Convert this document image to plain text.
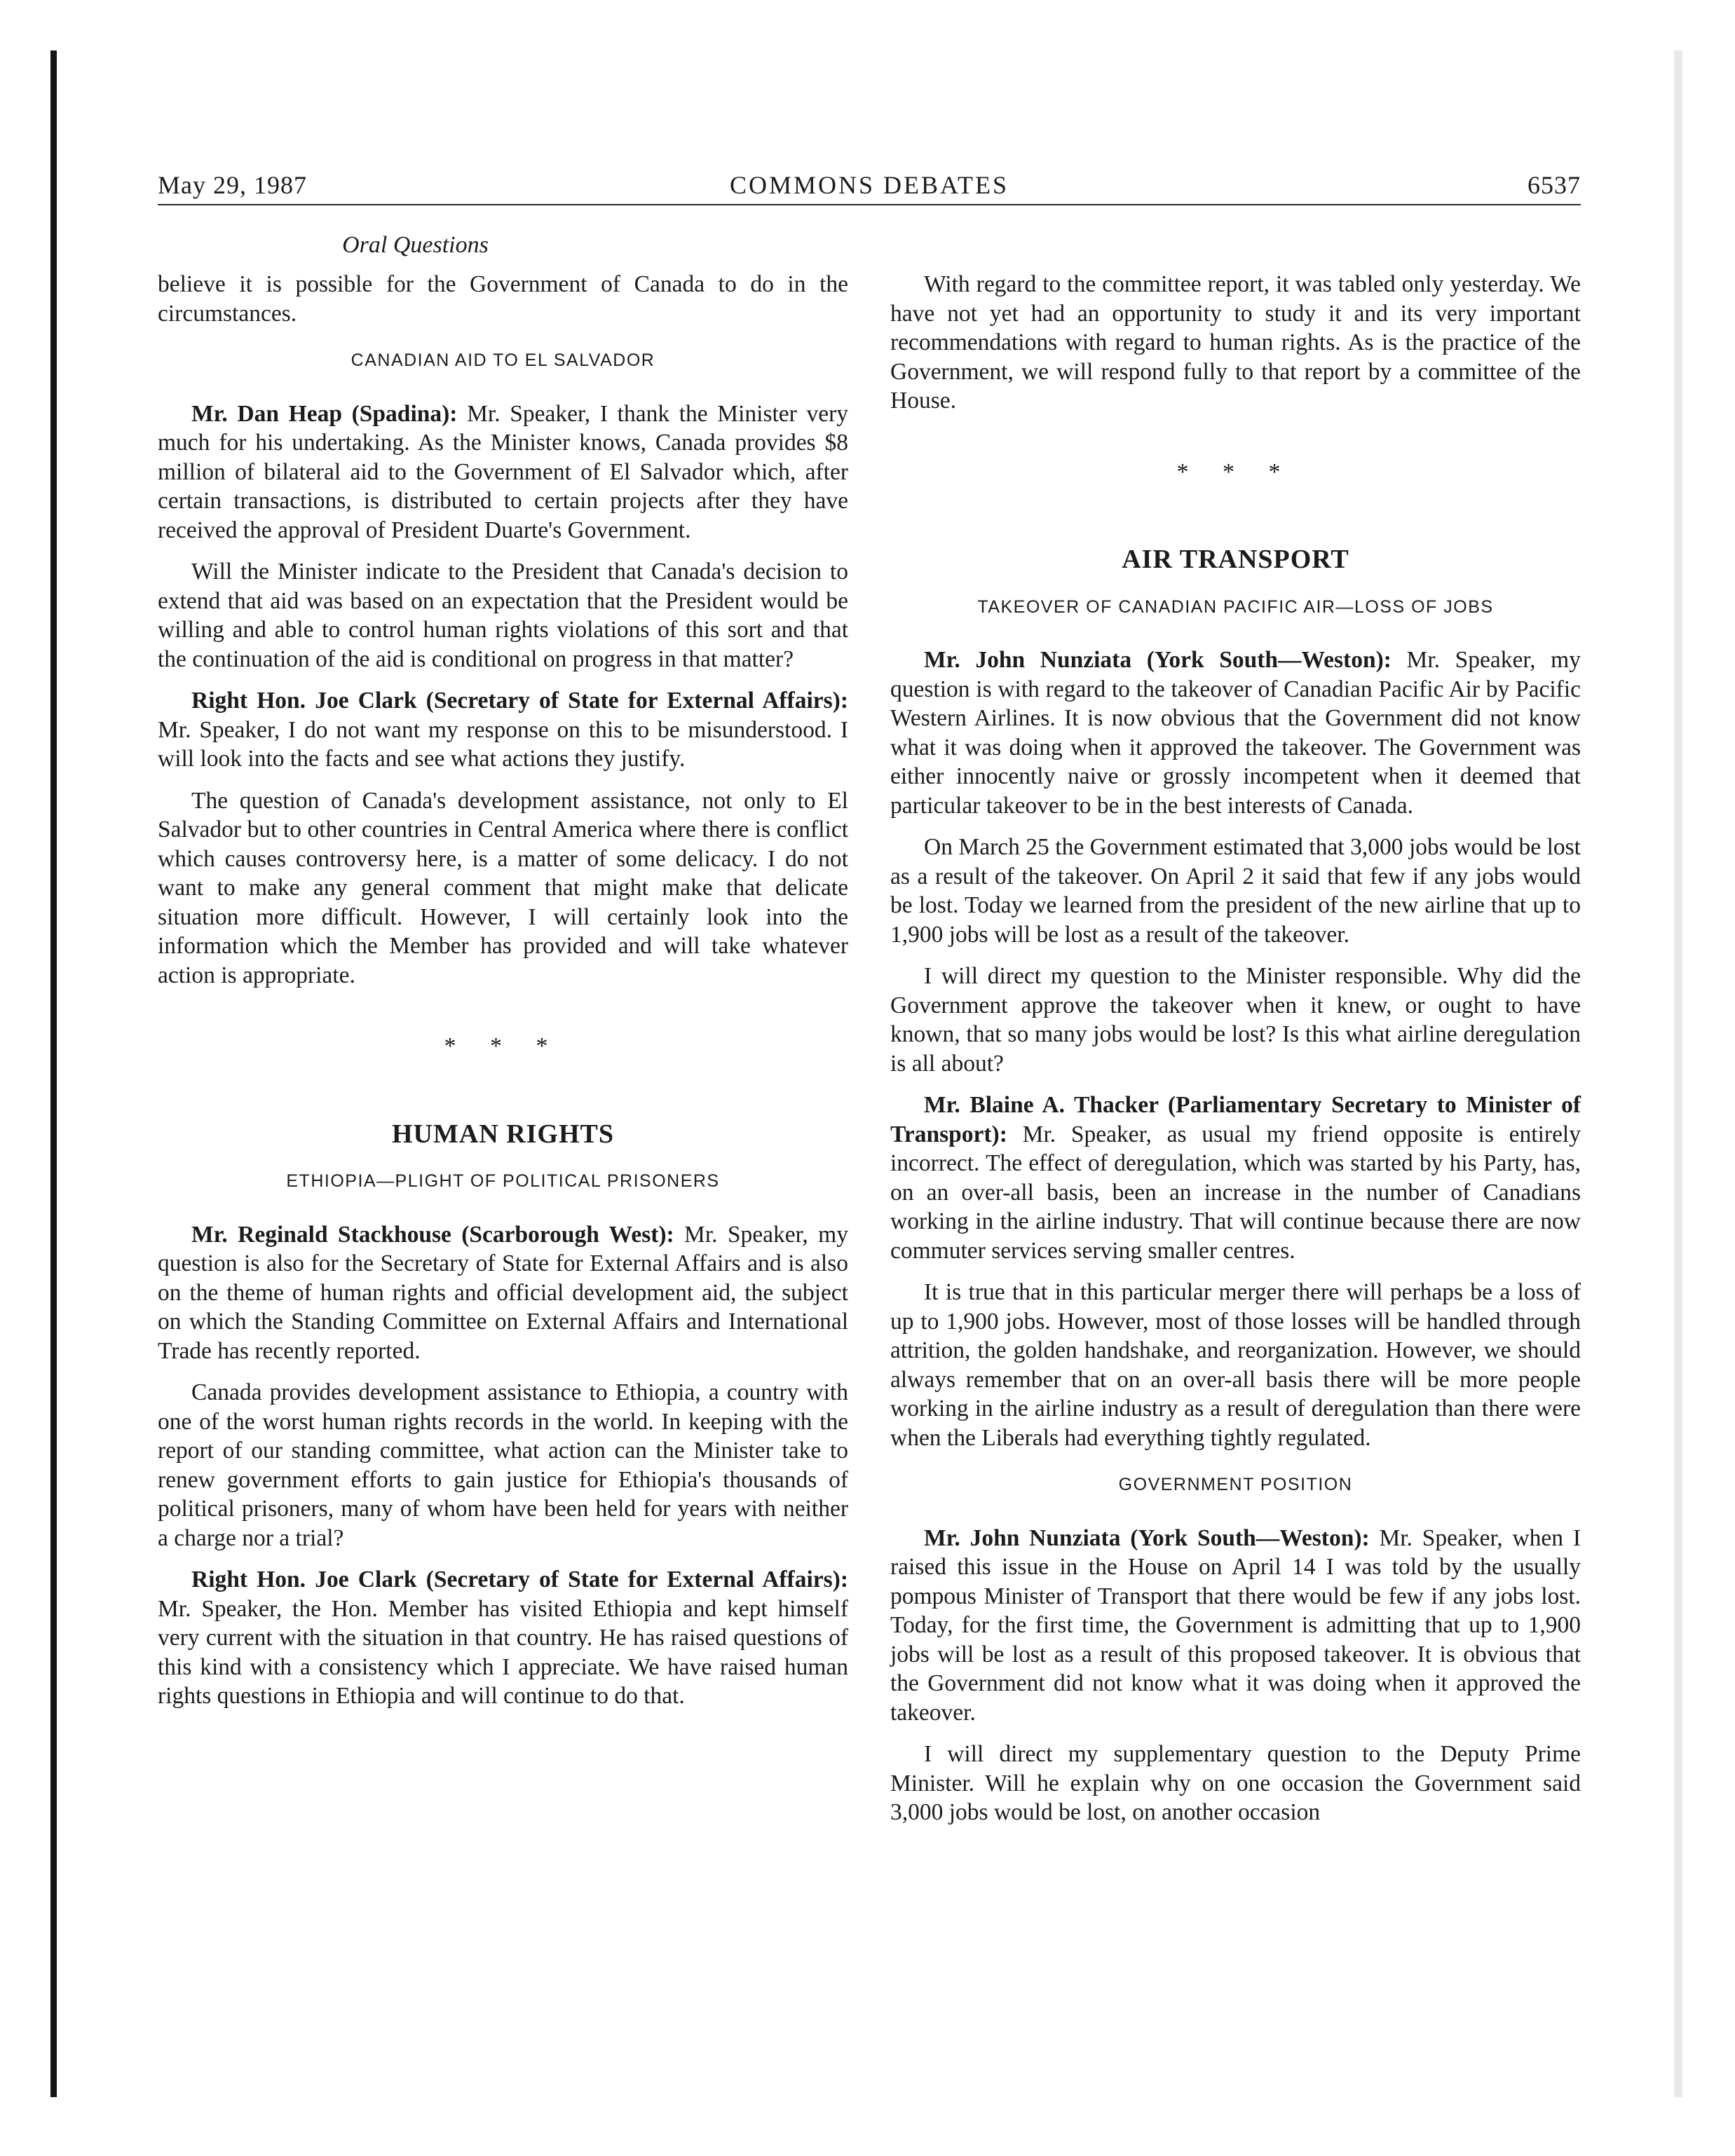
May 29, 1987	COMMONS DEBATES	6537
Oral Questions

believe it is possible for the Government of Canada to do in the circumstances.

CANADIAN AID TO EL SALVADOR

Mr. Dan Heap (Spadina): Mr. Speaker, I thank the Minister very much for his undertaking. As the Minister knows, Canada provides $8 million of bilateral aid to the Government of El Salvador which, after certain transactions, is distributed to certain projects after they have received the approval of President Duarte's Government.

Will the Minister indicate to the President that Canada's decision to extend that aid was based on an expectation that the President would be willing and able to control human rights violations of this sort and that the continuation of the aid is conditional on progress in that matter?

Right Hon. Joe Clark (Secretary of State for External Affairs): Mr. Speaker, I do not want my response on this to be misunderstood. I will look into the facts and see what actions they justify.

The question of Canada's development assistance, not only to El Salvador but to other countries in Central America where there is conflict which causes controversy here, is a matter of some delicacy. I do not want to make any general comment that might make that delicate situation more difficult. However, I will certainly look into the information which the Member has provided and will take whatever action is appropriate.

* * *
HUMAN RIGHTS
ETHIOPIA—PLIGHT OF POLITICAL PRISONERS

Mr. Reginald Stackhouse (Scarborough West): Mr. Speaker, my question is also for the Secretary of State for External Affairs and is also on the theme of human rights and official development aid, the subject on which the Standing Committee on External Affairs and International Trade has recently reported.

Canada provides development assistance to Ethiopia, a country with one of the worst human rights records in the world. In keeping with the report of our standing committee, what action can the Minister take to renew government efforts to gain justice for Ethiopia's thousands of political prisoners, many of whom have been held for years with neither a charge nor a trial?

Right Hon. Joe Clark (Secretary of State for External Affairs): Mr. Speaker, the Hon. Member has visited Ethiopia and kept himself very current with the situation in that country. He has raised questions of this kind with a consistency which I appreciate. We have raised human rights questions in Ethiopia and will continue to do that.

With regard to the committee report, it was tabled only yesterday. We have not yet had an opportunity to study it and its very important recommendations with regard to human rights. As is the practice of the Government, we will respond fully to that report by a committee of the House.

* * *
AIR TRANSPORT
TAKEOVER OF CANADIAN PACIFIC AIR—LOSS OF JOBS

Mr. John Nunziata (York South—Weston): Mr. Speaker, my question is with regard to the takeover of Canadian Pacific Air by Pacific Western Airlines. It is now obvious that the Government did not know what it was doing when it approved the takeover. The Government was either innocently naive or grossly incompetent when it deemed that particular takeover to be in the best interests of Canada.

On March 25 the Government estimated that 3,000 jobs would be lost as a result of the takeover. On April 2 it said that few if any jobs would be lost. Today we learned from the president of the new airline that up to 1,900 jobs will be lost as a result of the takeover.

I will direct my question to the Minister responsible. Why did the Government approve the takeover when it knew, or ought to have known, that so many jobs would be lost? Is this what airline deregulation is all about?

Mr. Blaine A. Thacker (Parliamentary Secretary to Minister of Transport): Mr. Speaker, as usual my friend opposite is entirely incorrect. The effect of deregulation, which was started by his Party, has, on an over-all basis, been an increase in the number of Canadians working in the airline industry. That will continue because there are now commuter services serving smaller centres.

It is true that in this particular merger there will perhaps be a loss of up to 1,900 jobs. However, most of those losses will be handled through attrition, the golden handshake, and reorganization. However, we should always remember that on an over-all basis there will be more people working in the airline industry as a result of deregulation than there were when the Liberals had everything tightly regulated.

GOVERNMENT POSITION

Mr. John Nunziata (York South—Weston): Mr. Speaker, when I raised this issue in the House on April 14 I was told by the usually pompous Minister of Transport that there would be few if any jobs lost. Today, for the first time, the Government is admitting that up to 1,900 jobs will be lost as a result of this proposed takeover. It is obvious that the Government did not know what it was doing when it approved the takeover.

I will direct my supplementary question to the Deputy Prime Minister. Will he explain why on one occasion the Government said 3,000 jobs would be lost, on another occasion
